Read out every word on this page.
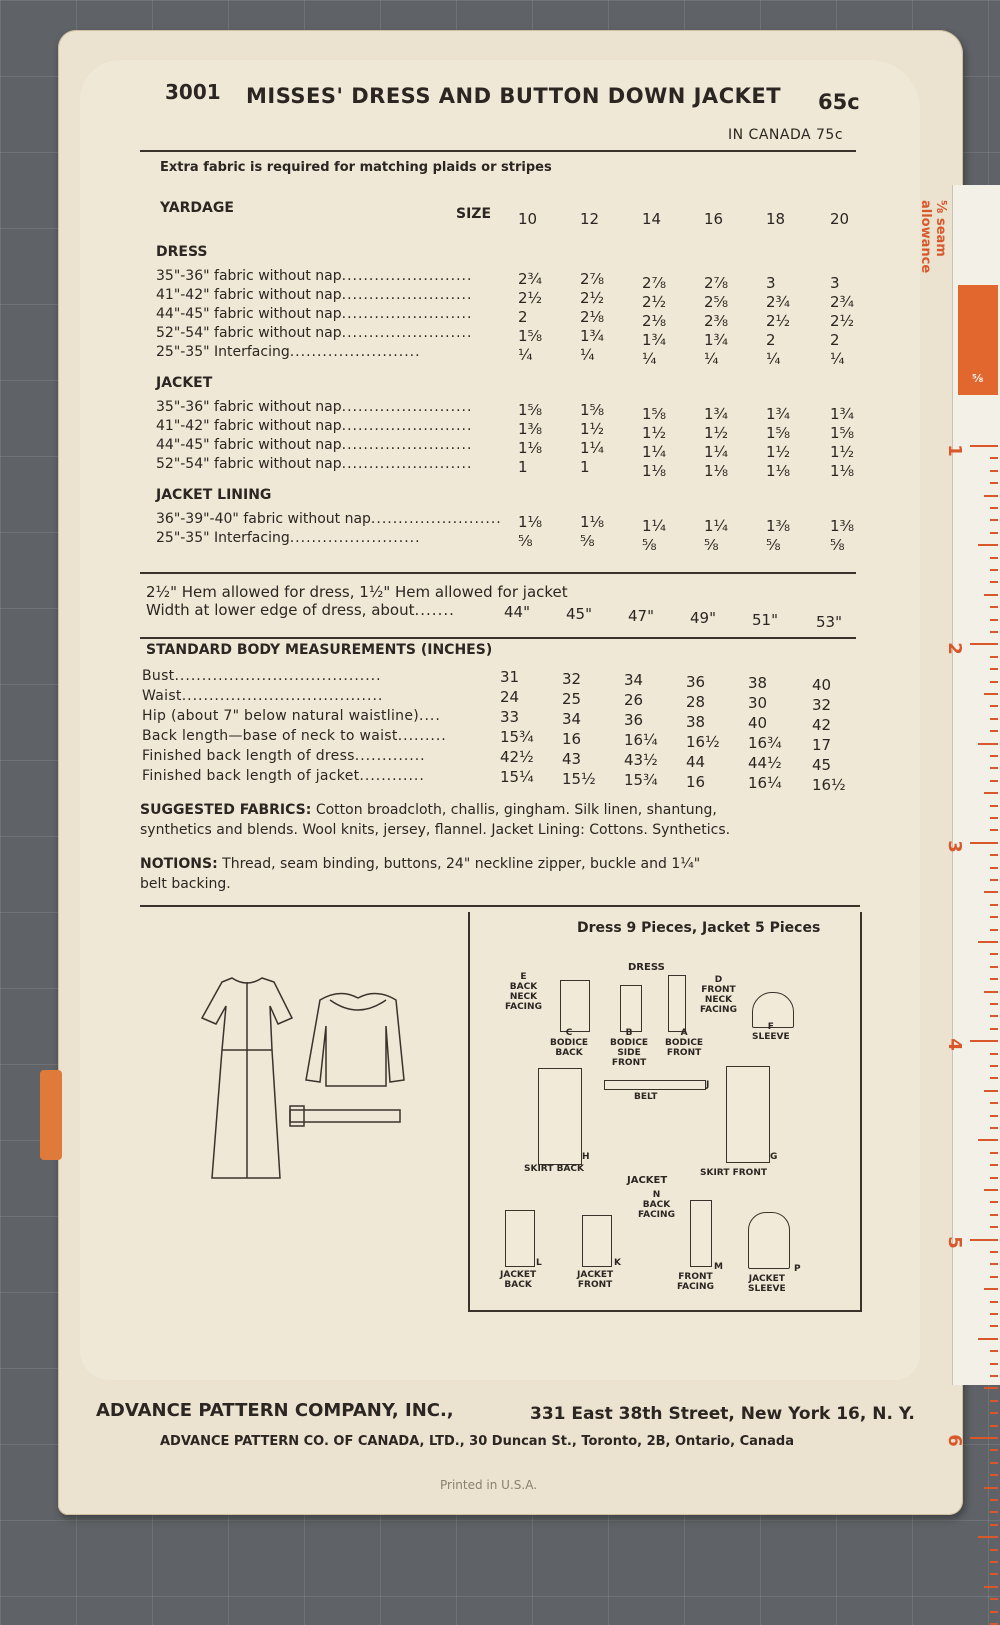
3001 MISSES' DRESS AND BUTTON DOWN JACKET 65c
IN CANADA 75c
Extra fabric is required for matching plaids or stripes
YARDAGE	SIZE 10	12	14	16	18	20
DRESS
35"-36" fabric without nap........................	2¾	2⅞	2⅞	2⅞	3	3
41"-42" fabric without nap........................	2½	2½	2½	2⅝	2¾	2¾
44"-45" fabric without nap........................	2	2⅛	2⅛	2⅜	2½	2½
52"-54" fabric without nap........................	1⅝	1¾	1¾	1¾	2	2
25"-35" Interfacing........................	¼	¼	¼	¼	¼	¼
JACKET
35"-36" fabric without nap........................	1⅝	1⅝	1⅝	1¾	1¾	1¾
41"-42" fabric without nap........................	1⅜	1½	1½	1½	1⅝	1⅝
44"-45" fabric without nap........................	1⅛	1¼	1¼	1¼	1½	1½
52"-54" fabric without nap........................	1	1	1⅛	1⅛	1⅛	1⅛
JACKET LINING
36"-39"-40" fabric without nap........................ 1⅛	1⅛	1¼	1¼	1⅜	1⅜
25"-35" Interfacing........................	⅝	⅝	⅝	⅝	⅝	⅝
2½" Hem allowed for dress, 1½" Hem allowed for jacket
Width at lower edge of dress, about.......	44"	45"	47"	49"	51"	53"
STANDARD BODY MEASUREMENTS (INCHES)
Bust......................................	31	32	34	36	38	40
Waist.....................................	24	25	26	28	30	32
Hip (about 7" below natural waistline)....	33	34	36	38	40	42
Back length—base of neck to waist.........	15¾	16	16¼	16½	16¾	17
Finished back length of dress.............	42½	43	43½	44	44½	45
Finished back length of jacket............	15¼	15½	15¾	16	16¼	16½
SUGGESTED FABRICS: Cotton broadcloth, challis, gingham. Silk linen, shantung,
synthetics and blends. Wool knits, jersey, flannel. Jacket Lining: Cottons. Synthetics.
NOTIONS: Thread, seam binding, buttons, 24" neckline zipper, buckle and 1¼"
belt backing.
Dress 9 Pieces, Jacket 5 Pieces
DRESS
JACKET
E
BACK
NECK
FACING
C
BODICE
BACK
B
BODICE
SIDE
FRONT
A
BODICE
FRONT
D
FRONT
NECK
FACING
F
SLEEVE
BELT
J
SKIRT BACK
H
SKIRT FRONT
G
N
BACK
FACING
JACKET
BACK
L
JACKET
FRONT
K
FRONT
FACING
M
JACKET
SLEEVE
P
ADVANCE PATTERN COMPANY, INC.,	331 East 38th Street, New York 16, N. Y.
ADVANCE PATTERN CO. OF CANADA, LTD., 30 Duncan St., Toronto, 2B, Ontario, Canada
Printed in U.S.A.
⅝
⅝ seam allowance
1
2
3
4
5
6
